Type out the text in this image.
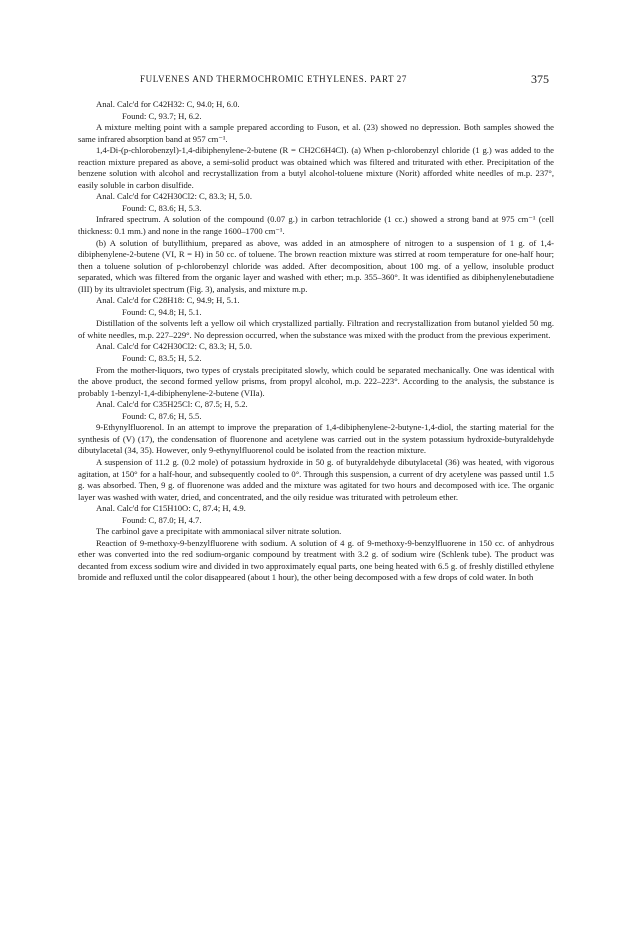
FULVENES AND THERMOCHROMIC ETHYLENES. PART 27	375

Anal. Calc'd for C42H32: C, 94.0; H, 6.0.

Found: C, 93.7; H, 6.2.

A mixture melting point with a sample prepared according to Fuson, et al. (23) showed no depression. Both samples showed the same infrared absorption band at 957 cm⁻¹.

1,4-Di-(p-chlorobenzyl)-1,4-dibiphenylene-2-butene (R = CH2C6H4Cl). (a) When p-chlorobenzyl chloride (1 g.) was added to the reaction mixture prepared as above, a semi-solid product was obtained which was filtered and triturated with ether. Precipitation of the benzene solution with alcohol and recrystallization from a butyl alcohol-toluene mixture (Norit) afforded white needles of m.p. 237°, easily soluble in carbon disulfide.

Anal. Calc'd for C42H30Cl2: C, 83.3; H, 5.0.

Found: C, 83.6; H, 5.3.

Infrared spectrum. A solution of the compound (0.07 g.) in carbon tetrachloride (1 cc.) showed a strong band at 975 cm⁻¹ (cell thickness: 0.1 mm.) and none in the range 1600–1700 cm⁻¹.

(b) A solution of butyllithium, prepared as above, was added in an atmosphere of nitrogen to a suspension of 1 g. of 1,4-dibiphenylene-2-butene (VI, R = H) in 50 cc. of toluene. The brown reaction mixture was stirred at room temperature for one-half hour; then a toluene solution of p-chlorobenzyl chloride was added. After decomposition, about 100 mg. of a yellow, insoluble product separated, which was filtered from the organic layer and washed with ether; m.p. 355–360°. It was identified as dibiphenylenebutadiene (III) by its ultraviolet spectrum (Fig. 3), analysis, and mixture m.p.

Anal. Calc'd for C28H18: C, 94.9; H, 5.1.

Found: C, 94.8; H, 5.1.

Distillation of the solvents left a yellow oil which crystallized partially. Filtration and recrystallization from butanol yielded 50 mg. of white needles, m.p. 227–229°. No depression occurred, when the substance was mixed with the product from the previous experiment.

Anal. Calc'd for C42H30Cl2: C, 83.3; H, 5.0.

Found: C, 83.5; H, 5.2.

From the mother-liquors, two types of crystals precipitated slowly, which could be separated mechanically. One was identical with the above product, the second formed yellow prisms, from propyl alcohol, m.p. 222–223°. According to the analysis, the substance is probably 1-benzyl-1,4-dibiphenylene-2-butene (VIIa).

Anal. Calc'd for C35H25Cl: C, 87.5; H, 5.2.

Found: C, 87.6; H, 5.5.

9-Ethynylfluorenol. In an attempt to improve the preparation of 1,4-dibiphenylene-2-butyne-1,4-diol, the starting material for the synthesis of (V) (17), the condensation of fluorenone and acetylene was carried out in the system potassium hydroxide-butyraldehyde dibutylacetal (34, 35). However, only 9-ethynylfluorenol could be isolated from the reaction mixture.

A suspension of 11.2 g. (0.2 mole) of potassium hydroxide in 50 g. of butyraldehyde dibutylacetal (36) was heated, with vigorous agitation, at 150° for a half-hour, and subsequently cooled to 0°. Through this suspension, a current of dry acetylene was passed until 1.5 g. was absorbed. Then, 9 g. of fluorenone was added and the mixture was agitated for two hours and decomposed with ice. The organic layer was washed with water, dried, and concentrated, and the oily residue was triturated with petroleum ether.

Anal. Calc'd for C15H10O: C, 87.4; H, 4.9.

Found: C, 87.0; H, 4.7.

The carbinol gave a precipitate with ammoniacal silver nitrate solution.

Reaction of 9-methoxy-9-benzylfluorene with sodium. A solution of 4 g. of 9-methoxy-9-benzylfluorene in 150 cc. of anhydrous ether was converted into the red sodium-organic compound by treatment with 3.2 g. of sodium wire (Schlenk tube). The product was decanted from excess sodium wire and divided in two approximately equal parts, one being heated with 6.5 g. of freshly distilled ethylene bromide and refluxed until the color disappeared (about 1 hour), the other being decomposed with a few drops of cold water. In both
